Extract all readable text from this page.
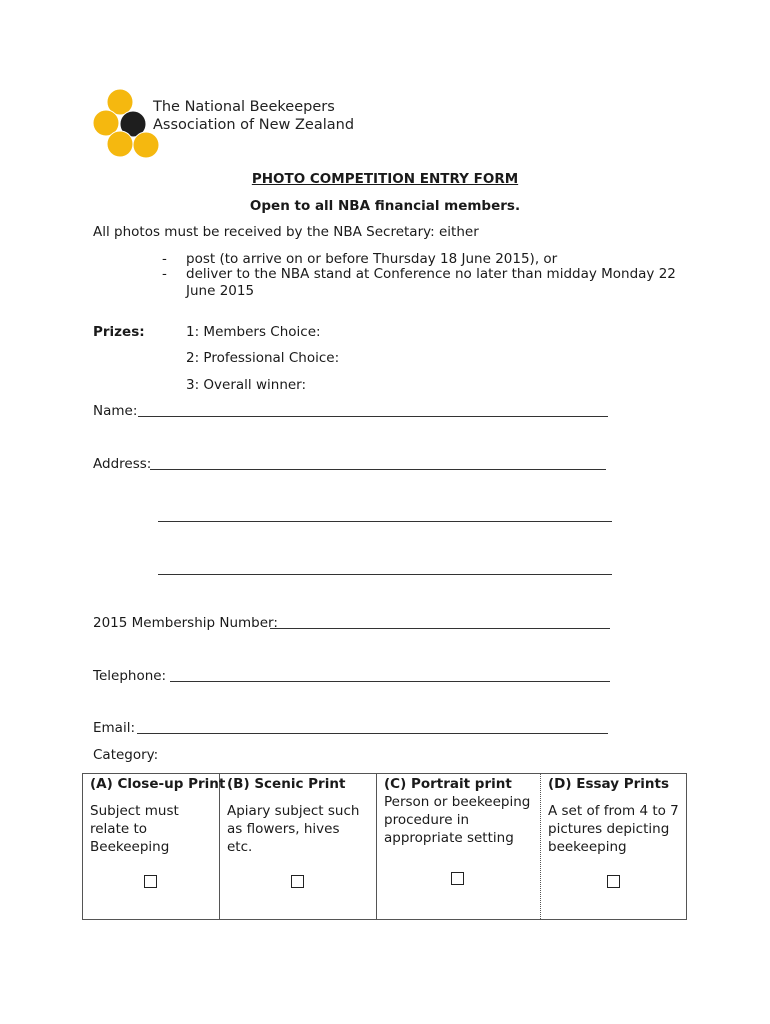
The National Beekeepers
Association of New Zealand
PHOTO COMPETITION ENTRY FORM
Open to all NBA financial members.
All photos must be received by the NBA Secretary: either
- post (to arrive on or before Thursday 18 June 2015), or
- deliver to the NBA stand at Conference no later than midday Monday 22
June 2015
Prizes:	1: Members Choice:
2: Professional Choice:
3: Overall winner:
Name:
Address:
2015 Membership Number:
Telephone:
Email:
Category:
(A) Close-up Print
Subject must
relate to
Beekeeping

(B) Scenic Print
Apiary subject such
as flowers, hives
etc.

(C) Portrait print
Person or beekeeping
procedure in
appropriate setting

(D) Essay Prints
A set of from 4 to 7
pictures depicting
beekeeping
